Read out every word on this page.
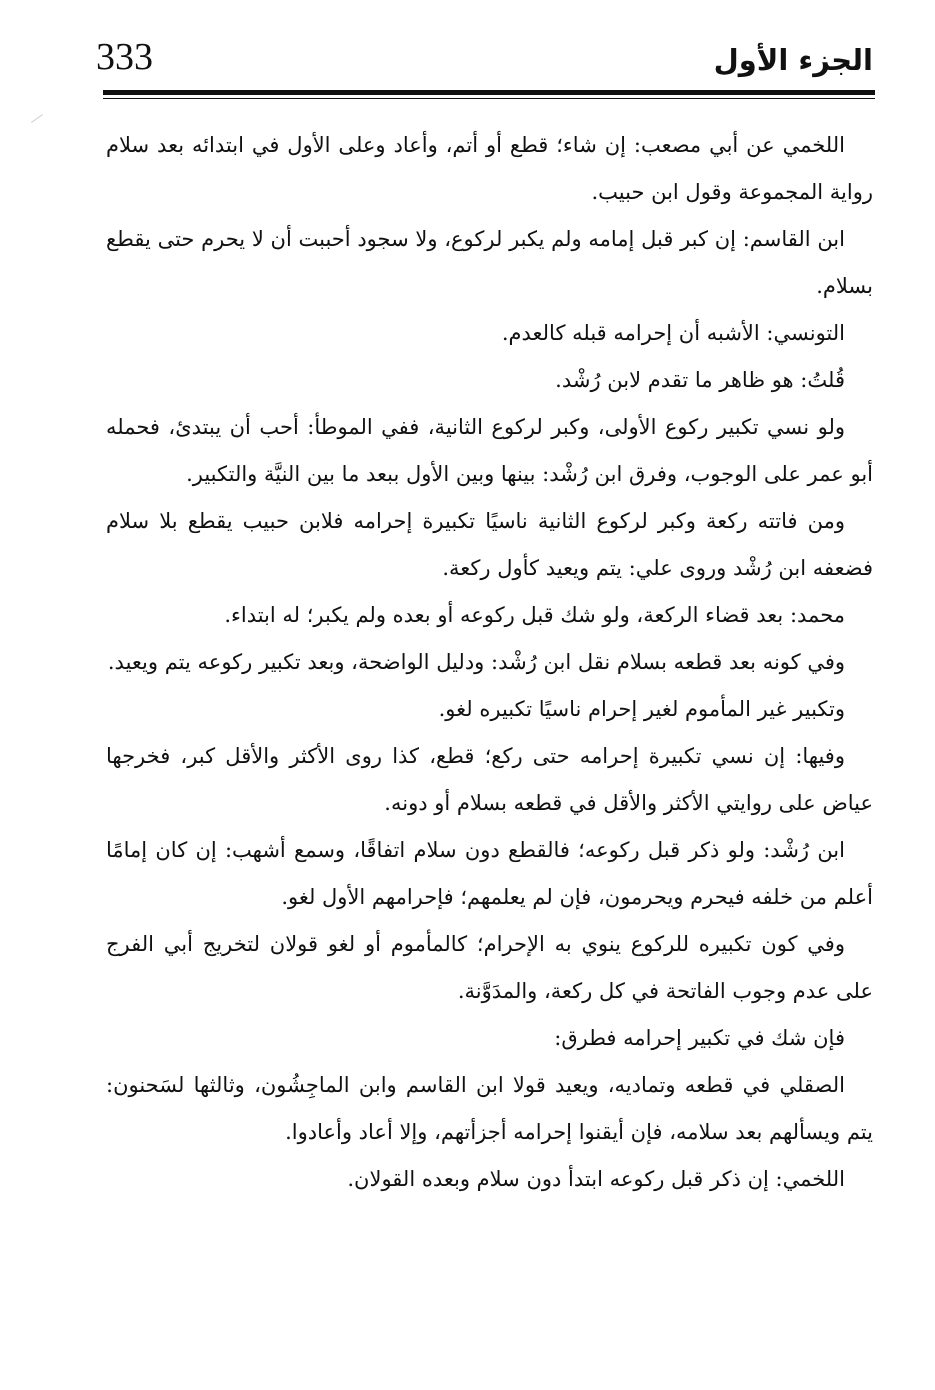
333	الجزء الأول

اللخمي عن أبي مصعب: إن شاء؛ قطع أو أتم، وأعاد وعلى الأول في ابتدائه بعد سلام رواية المجموعة وقول ابن حبيب.

ابن القاسم: إن كبر قبل إمامه ولم يكبر لركوع، ولا سجود أحببت أن لا يحرم حتى يقطع بسلام.

التونسي: الأشبه أن إحرامه قبله كالعدم.

قُلتُ: هو ظاهر ما تقدم لابن رُشْد.

ولو نسي تكبير ركوع الأولى، وكبر لركوع الثانية، ففي الموطأ: أحب أن يبتدئ، فحمله أبو عمر على الوجوب، وفرق ابن رُشْد: بينها وبين الأول ببعد ما بين النيَّة والتكبير.

ومن فاتته ركعة وكبر لركوع الثانية ناسيًا تكبيرة إحرامه فلابن حبيب يقطع بلا سلام فضعفه ابن رُشْد وروى علي: يتم ويعيد كأول ركعة.

محمد: بعد قضاء الركعة، ولو شك قبل ركوعه أو بعده ولم يكبر؛ له ابتداء.

وفي كونه بعد قطعه بسلام نقل ابن رُشْد: ودليل الواضحة، وبعد تكبير ركوعه يتم ويعيد.

وتكبير غير المأموم لغير إحرام ناسيًا تكبيره لغو.

وفيها: إن نسي تكبيرة إحرامه حتى ركع؛ قطع، كذا روى الأكثر والأقل كبر، فخرجها عياض على روايتي الأكثر والأقل في قطعه بسلام أو دونه.

ابن رُشْد: ولو ذكر قبل ركوعه؛ فالقطع دون سلام اتفاقًا، وسمع أشهب: إن كان إمامًا أعلم من خلفه فيحرم ويحرمون، فإن لم يعلمهم؛ فإحرامهم الأول لغو.

وفي كون تكبيره للركوع ينوي به الإحرام؛ كالمأموم أو لغو قولان لتخريج أبي الفرج على عدم وجوب الفاتحة في كل ركعة، والمدَوَّنة.

فإن شك في تكبير إحرامه فطرق:

الصقلي في قطعه وتماديه، ويعيد قولا ابن القاسم وابن الماجِشُون، وثالثها لسَحنون: يتم ويسألهم بعد سلامه، فإن أيقنوا إحرامه أجزأتهم، وإلا أعاد وأعادوا.

اللخمي: إن ذكر قبل ركوعه ابتدأ دون سلام وبعده القولان.
